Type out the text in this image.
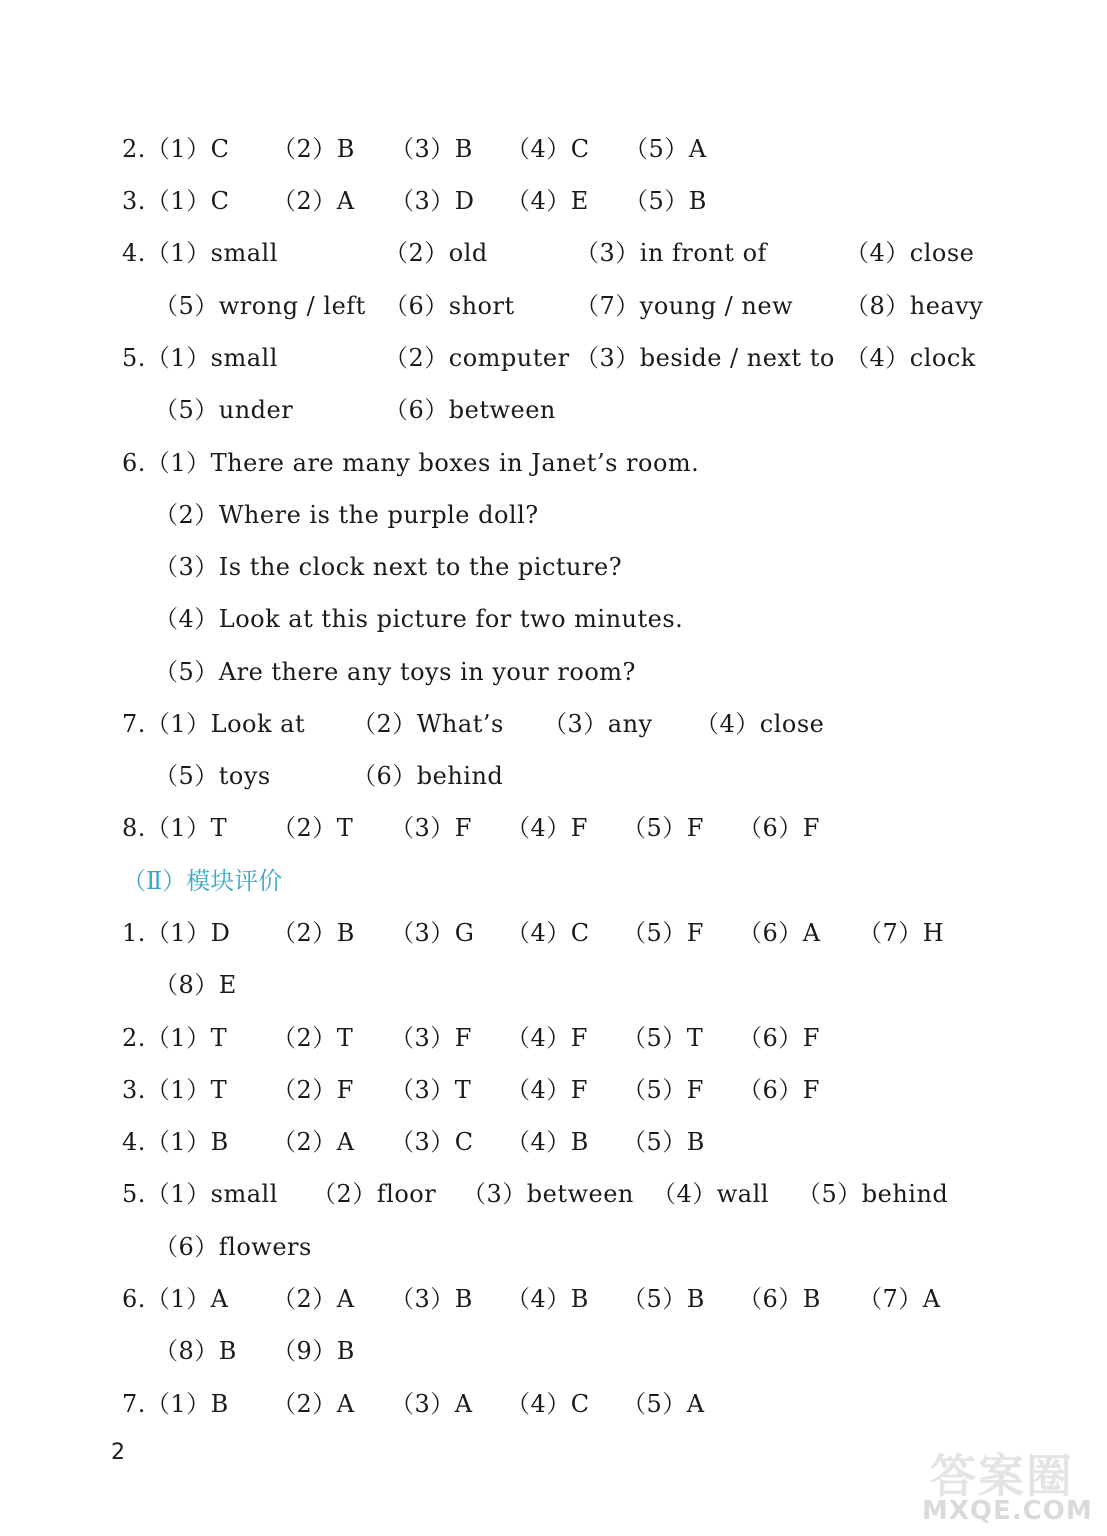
2.（1）C （2）B （3）B （4）C （5）A
3.（1）C （2）A （3）D （4）E （5）B
4.（1）small	（2）old	（3）in front of	（4）close
（5）wrong / left （6）short	（7）young / new （8）heavy
5.（1）small	（2）computer （3）beside / next to （4）clock
（5）under	（6）between
6.（1）There are many boxes in Janet’s room.
（2）Where is the purple doll?
（3）Is the clock next to the picture?
（4）Look at this picture for two minutes.
（5）Are there any toys in your room?
7.（1）Look at （2）What’s （3）any （4）close
（5）toys	（6）behind
8.（1）T （2）T （3）F （4）F （5）F （6）F
（Ⅱ）模块评价
1.（1）D （2）B （3）G （4）C （5）F （6）A （7）H
（8）E
2.（1）T （2）T （3）F （4）F （5）T （6）F
3.（1）T （2）F （3）T （4）F （5）F （6）F
4.（1）B （2）A （3）C （4）B （5）B
5.（1）small （2）floor （3）between （4）wall （5）behind
（6）flowers
6.（1）A （2）A （3）B （4）B （5）B （6）B （7）A
（8）B （9）B
7.（1）B （2）A （3）A （4）C （5）A
2	答案圈
MXQE.COM
